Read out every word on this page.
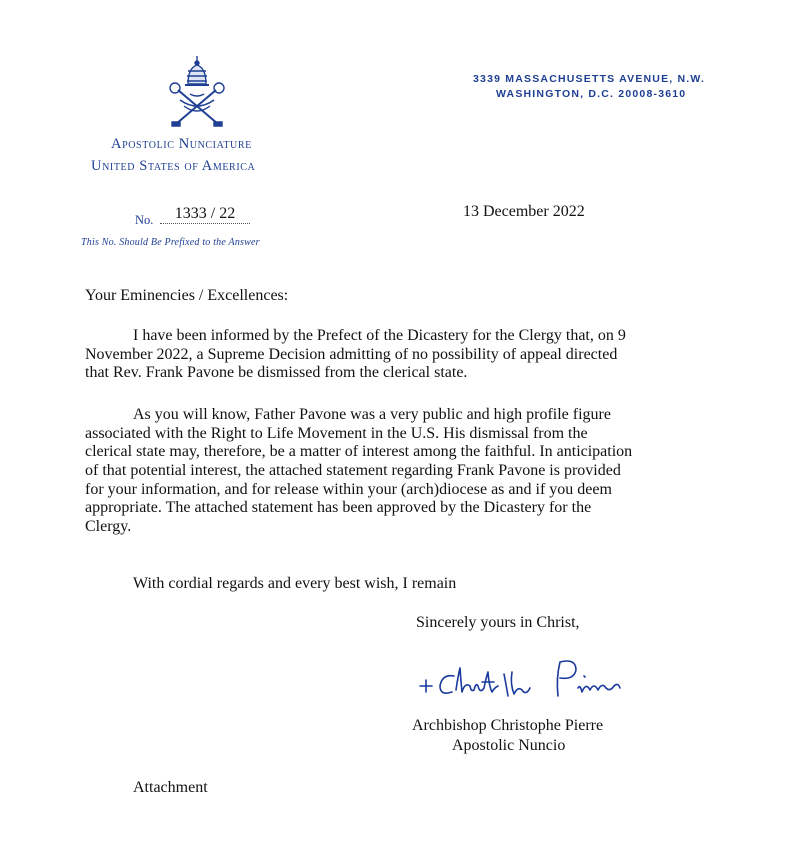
Apostolic Nunciature
United States of America
3339 MASSACHUSETTS AVENUE, N.W.
WASHINGTON, D.C. 20008-3610
No.	1333 / 22
This No. Should Be Prefixed to the Answer
13 December 2022
Your Eminencies / Excellences:
I have been informed by the Prefect of the Dicastery for the Clergy that, on 9
November 2022, a Supreme Decision admitting of no possibility of appeal directed
that Rev. Frank Pavone be dismissed from the clerical state.
As you will know, Father Pavone was a very public and high profile figure
associated with the Right to Life Movement in the U.S. His dismissal from the
clerical state may, therefore, be a matter of interest among the faithful. In anticipation
of that potential interest, the attached statement regarding Frank Pavone is provided
for your information, and for release within your (arch)diocese as and if you deem
appropriate. The attached statement has been approved by the Dicastery for the
Clergy.
With cordial regards and every best wish, I remain
Sincerely yours in Christ,
Archbishop Christophe Pierre
Apostolic Nuncio
Attachment
